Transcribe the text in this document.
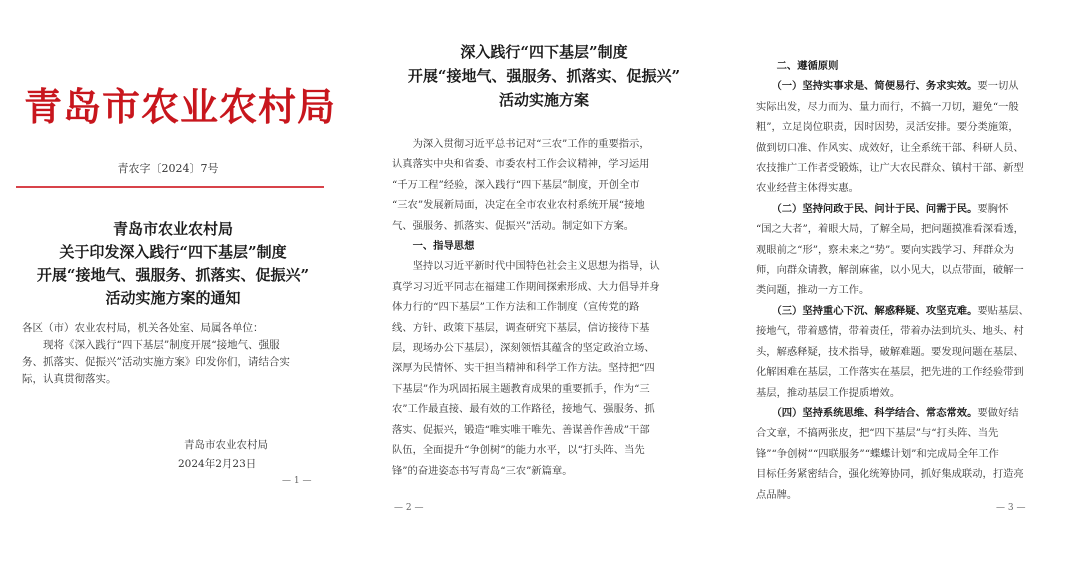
青岛市农业农村局
青农字〔2024〕7号
青岛市农业农村局
关于印发深入践行“四下基层”制度
开展“接地气、强服务、抓落实、促振兴”
活动实施方案的通知
各区（市）农业农村局，机关各处室、局属各单位：
　　现将《深入践行“四下基层”制度开展“接地气、强服
务、抓落实、促振兴”活动实施方案》印发你们，请结合实
际，认真贯彻落实。
青岛市农业农村局
2024年2月23日
— 1 —
深入践行“四下基层”制度
开展“接地气、强服务、抓落实、促振兴”
活动实施方案
　　为深入贯彻习近平总书记对“三农”工作的重要指示，
认真落实中央和省委、市委农村工作会议精神，学习运用
“千万工程”经验，深入践行“四下基层”制度，开创全市
“三农”发展新局面，决定在全市农业农村系统开展“接地
气、强服务、抓落实、促振兴”活动。制定如下方案。
　　一、指导思想
　　坚持以习近平新时代中国特色社会主义思想为指导，认
真学习习近平同志在福建工作期间探索形成、大力倡导并身
体力行的“四下基层”工作方法和工作制度（宣传党的路
线、方针、政策下基层，调查研究下基层，信访接待下基
层，现场办公下基层），深刻领悟其蕴含的坚定政治立场、
深厚为民情怀、实干担当精神和科学工作方法。坚持把“四
下基层”作为巩固拓展主题教育成果的重要抓手，作为“三
农”工作最直接、最有效的工作路径，接地气、强服务、抓
落实、促振兴，锻造“唯实唯干唯先、善谋善作善成”干部
队伍，全面提升“争创树”的能力水平，以“打头阵、当先
锋”的奋进姿态书写青岛“三农”新篇章。
— 2 —
　　二、遵循原则
　　（一）坚持实事求是、简便易行、务求实效。要一切从
实际出发，尽力而为、量力而行，不搞一刀切，避免“一般
粗”，立足岗位职责，因时因势，灵活安排。要分类施策，
做到切口准、作风实、成效好，让全系统干部、科研人员、
农技推广工作者受锻炼，让广大农民群众、镇村干部、新型
农业经营主体得实惠。
　　（二）坚持问政于民、问计于民、问需于民。要胸怀
“国之大者”，着眼大局，了解全局，把问题摸准看深看透，
观眼前之“形”，察未来之“势”。要向实践学习、拜群众为
师，向群众请教，解剖麻雀，以小见大，以点带面，破解一
类问题，推动一方工作。
　　（三）坚持重心下沉、解惑释疑、攻坚克难。要贴基层、
接地气，带着感情，带着责任，带着办法到坑头、地头、村
头，解惑释疑，技术指导，破解难题。要发现问题在基层、
化解困难在基层，工作落实在基层，把先进的工作经验带到
基层，推动基层工作提质增效。
　　（四）坚持系统思维、科学结合、常态常效。要做好结
合文章，不搞两张皮，把“四下基层”与“打头阵、当先
锋”“争创树”“四联服务”“蝶蝶计划”和完成局全年工作
目标任务紧密结合，强化统筹协同，抓好集成联动，打造亮
点品牌。
— 3 —
